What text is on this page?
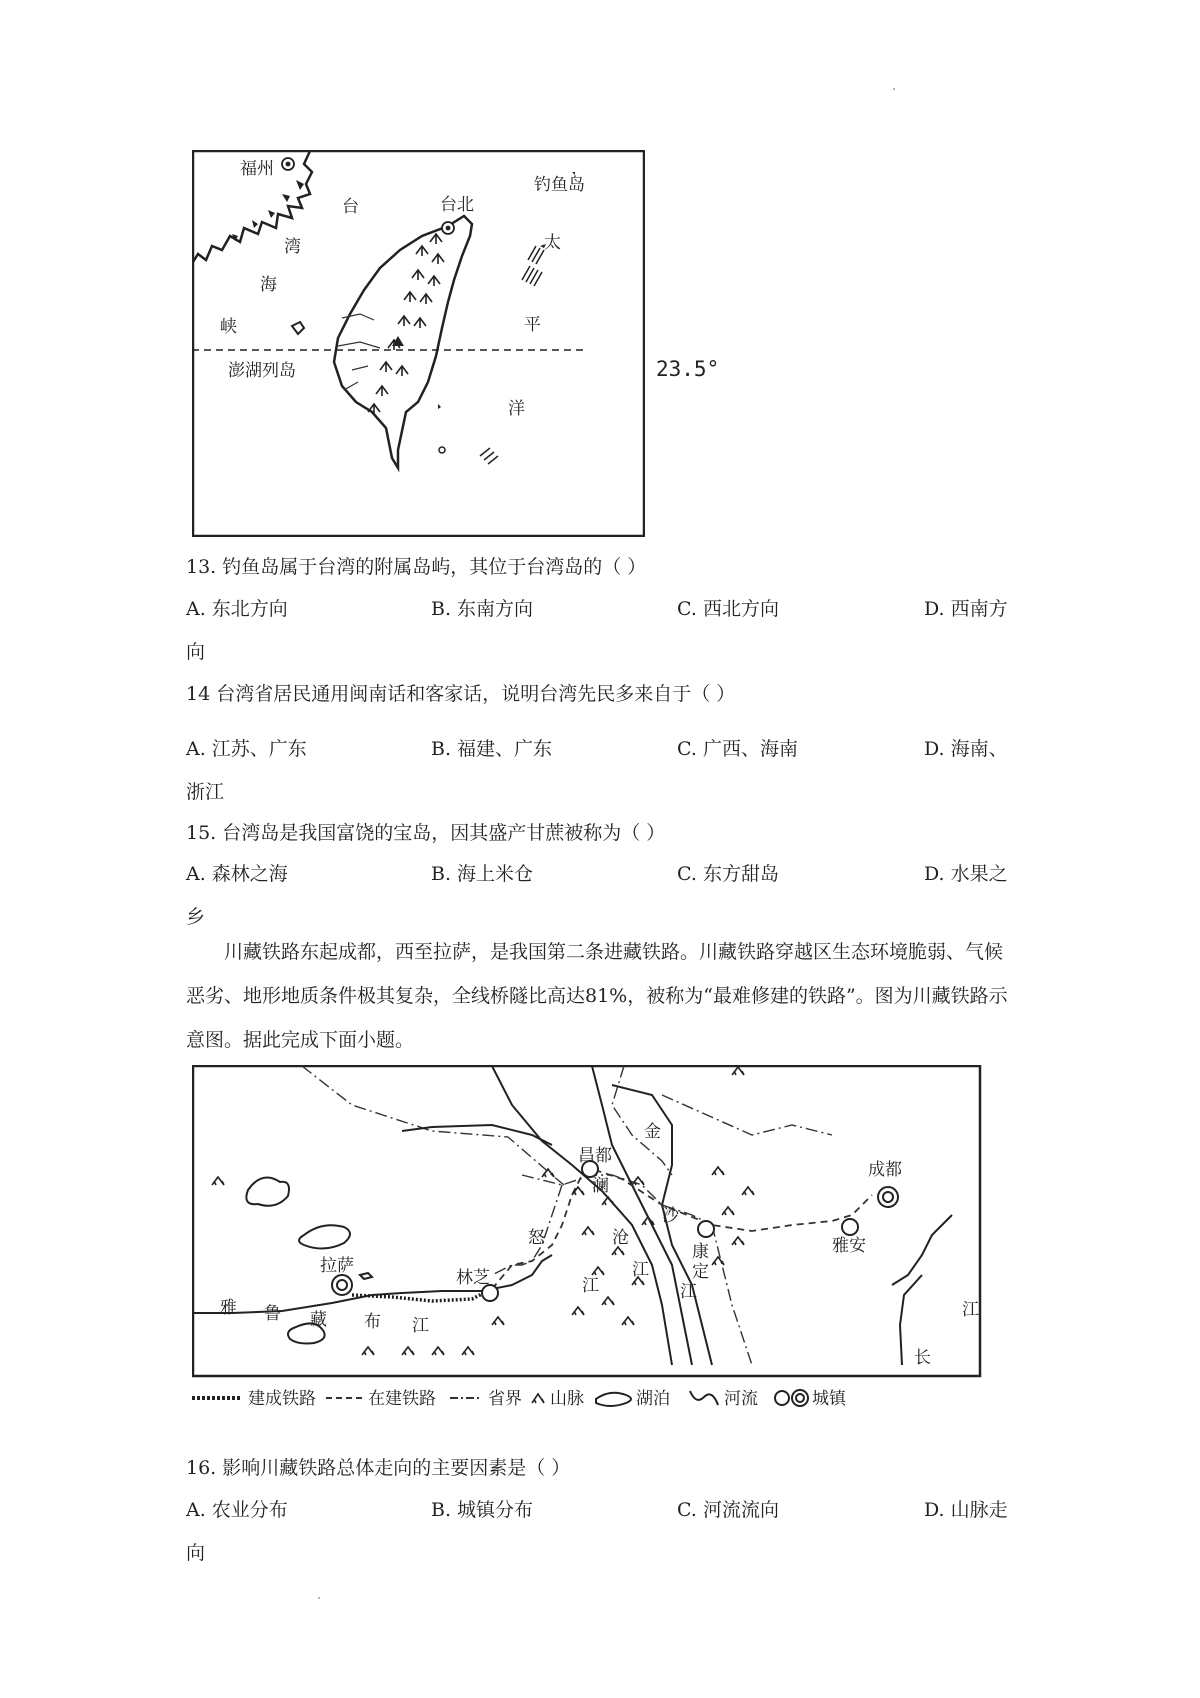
福州
钓鱼岛
台北
台
湾
海
峡
太
平
洋
澎湖列岛	23.5°
13. 钓鱼岛属于台湾的附属岛屿，其位于台湾岛的（ ）
A. 东北方向	B. 东南方向	C. 西北方向	D. 西南方
向
14 台湾省居民通用闽南话和客家话，说明台湾先民多来自于（ ）
A. 江苏、广东	B. 福建、广东	C. 广西、海南	D. 海南、
浙江
15. 台湾岛是我国富饶的宝岛，因其盛产甘蔗被称为（ ）
A. 森林之海	B. 海上米仓	C. 东方甜岛	D. 水果之
乡

川藏铁路东起成都，西至拉萨，是我国第二条进藏铁路。川藏铁路穿越区生态环境脆弱、气候恶劣、地形地质条件极其复杂，全线桥隧比高达81%，被称为“最难修建的铁路”。图为川藏铁路示意图。据此完成下面小题。

成都
雅安
康
定
昌都
拉萨
林芝
金
沙
江
澜
沧
江
怒
江
雅 鲁 藏 布 江
江
长
建成铁路	在建铁路	省界 山脉	湖泊	河流	城镇
16. 影响川藏铁路总体走向的主要因素是（ ）
A. 农业分布	B. 城镇分布	C. 河流流向	D. 山脉走
向
